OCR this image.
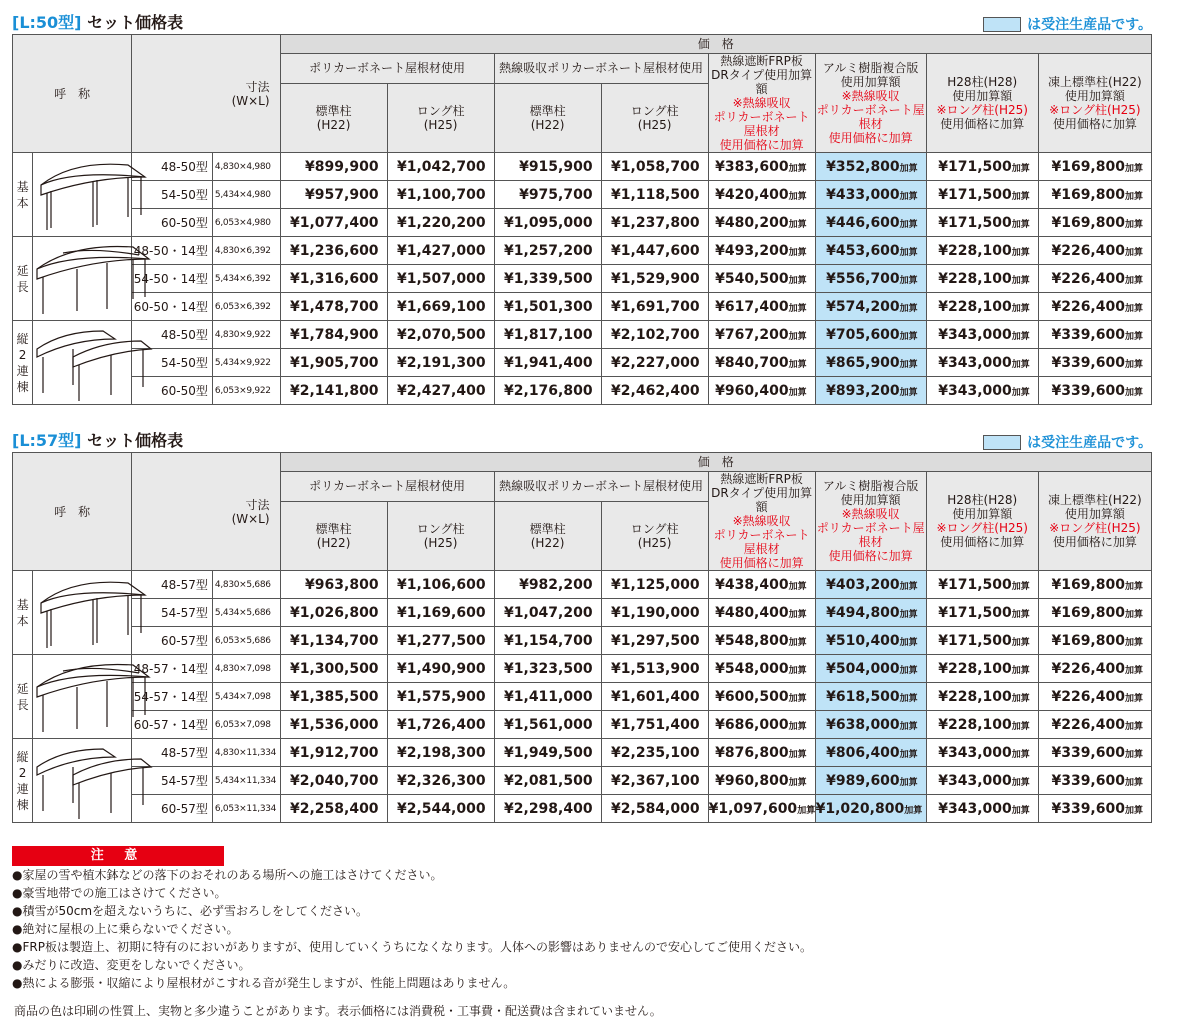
[L:50型] セット価格表	は受注生産品です。
呼　称		寸法
(W×L)		価　格							
				ポリカーボネート屋根材使用		熱線吸収ポリカーボネート屋根材使用		熱線遮断FRP板
DRタイプ使用加算額
※熱線吸収
ポリカーボネート屋根材
使用価格に加算	アルミ樹脂複合版
使用加算額
※熱線吸収
ポリカーボネート屋根材
使用価格に加算	H28柱(H28)
使用加算額
※ロング柱(H25)
使用価格に加算	凍上標準柱(H22)
使用加算額
※ロング柱(H25)
使用価格に加算
				標準柱
(H22)	ロング柱
(H25)	標準柱
(H22)	ロング柱
(H25)				
基
本		48-50型	4,830×4,980	¥899,900	¥1,042,700	¥915,900	¥1,058,700	¥383,600加算	¥352,800加算	¥171,500加算	¥169,800加算
		54-50型	5,434×4,980	¥957,900	¥1,100,700	¥975,700	¥1,118,500	¥420,400加算	¥433,000加算	¥171,500加算	¥169,800加算
		60-50型	6,053×4,980	¥1,077,400	¥1,220,200	¥1,095,000	¥1,237,800	¥480,200加算	¥446,600加算	¥171,500加算	¥169,800加算
延
長		48-50・14型	4,830×6,392	¥1,236,600	¥1,427,000	¥1,257,200	¥1,447,600	¥493,200加算	¥453,600加算	¥228,100加算	¥226,400加算
		54-50・14型	5,434×6,392	¥1,316,600	¥1,507,000	¥1,339,500	¥1,529,900	¥540,500加算	¥556,700加算	¥228,100加算	¥226,400加算
		60-50・14型	6,053×6,392	¥1,478,700	¥1,669,100	¥1,501,300	¥1,691,700	¥617,400加算	¥574,200加算	¥228,100加算	¥226,400加算
縦
2
連
棟		48-50型	4,830×9,922	¥1,784,900	¥2,070,500	¥1,817,100	¥2,102,700	¥767,200加算	¥705,600加算	¥343,000加算	¥339,600加算
		54-50型	5,434×9,922	¥1,905,700	¥2,191,300	¥1,941,400	¥2,227,000	¥840,700加算	¥865,900加算	¥343,000加算	¥339,600加算
		60-50型	6,053×9,922	¥2,141,800	¥2,427,400	¥2,176,800	¥2,462,400	¥960,400加算	¥893,200加算	¥343,000加算	¥339,600加算
[L:57型] セット価格表	は受注生産品です。
呼　称		寸法
(W×L)		価　格							
				ポリカーボネート屋根材使用		熱線吸収ポリカーボネート屋根材使用		熱線遮断FRP板
DRタイプ使用加算額
※熱線吸収
ポリカーボネート屋根材
使用価格に加算	アルミ樹脂複合版
使用加算額
※熱線吸収
ポリカーボネート屋根材
使用価格に加算	H28柱(H28)
使用加算額
※ロング柱(H25)
使用価格に加算	凍上標準柱(H22)
使用加算額
※ロング柱(H25)
使用価格に加算
				標準柱
(H22)	ロング柱
(H25)	標準柱
(H22)	ロング柱
(H25)				
基
本		48-57型	4,830×5,686	¥963,800	¥1,106,600	¥982,200	¥1,125,000	¥438,400加算	¥403,200加算	¥171,500加算	¥169,800加算
		54-57型	5,434×5,686	¥1,026,800	¥1,169,600	¥1,047,200	¥1,190,000	¥480,400加算	¥494,800加算	¥171,500加算	¥169,800加算
		60-57型	6,053×5,686	¥1,134,700	¥1,277,500	¥1,154,700	¥1,297,500	¥548,800加算	¥510,400加算	¥171,500加算	¥169,800加算
延
長		48-57・14型	4,830×7,098	¥1,300,500	¥1,490,900	¥1,323,500	¥1,513,900	¥548,000加算	¥504,000加算	¥228,100加算	¥226,400加算
		54-57・14型	5,434×7,098	¥1,385,500	¥1,575,900	¥1,411,000	¥1,601,400	¥600,500加算	¥618,500加算	¥228,100加算	¥226,400加算
		60-57・14型	6,053×7,098	¥1,536,000	¥1,726,400	¥1,561,000	¥1,751,400	¥686,000加算	¥638,000加算	¥228,100加算	¥226,400加算
縦
2
連
棟		48-57型	4,830×11,334	¥1,912,700	¥2,198,300	¥1,949,500	¥2,235,100	¥876,800加算	¥806,400加算	¥343,000加算	¥339,600加算
		54-57型	5,434×11,334	¥2,040,700	¥2,326,300	¥2,081,500	¥2,367,100	¥960,800加算	¥989,600加算	¥343,000加算	¥339,600加算
		60-57型	6,053×11,334	¥2,258,400	¥2,544,000	¥2,298,400	¥2,584,000	¥1,097,600加算	¥1,020,800加算	¥343,000加算	¥339,600加算
注 意
●家屋の雪や植木鉢などの落下のおそれのある場所への施工はさけてください。
●豪雪地帯での施工はさけてください。
●積雪が50cmを超えないうちに、必ず雪おろしをしてください。
●絶対に屋根の上に乗らないでください。
●FRP板は製造上、初期に特有のにおいがありますが、使用していくうちになくなります。人体への影響はありませんので安心してご使用ください。
●みだりに改造、変更をしないでください。
●熱による膨張・収縮により屋根材がこすれる音が発生しますが、性能上問題はありません。
商品の色は印刷の性質上、実物と多少違うことがあります。表示価格には消費税・工事費・配送費は含まれていません。
